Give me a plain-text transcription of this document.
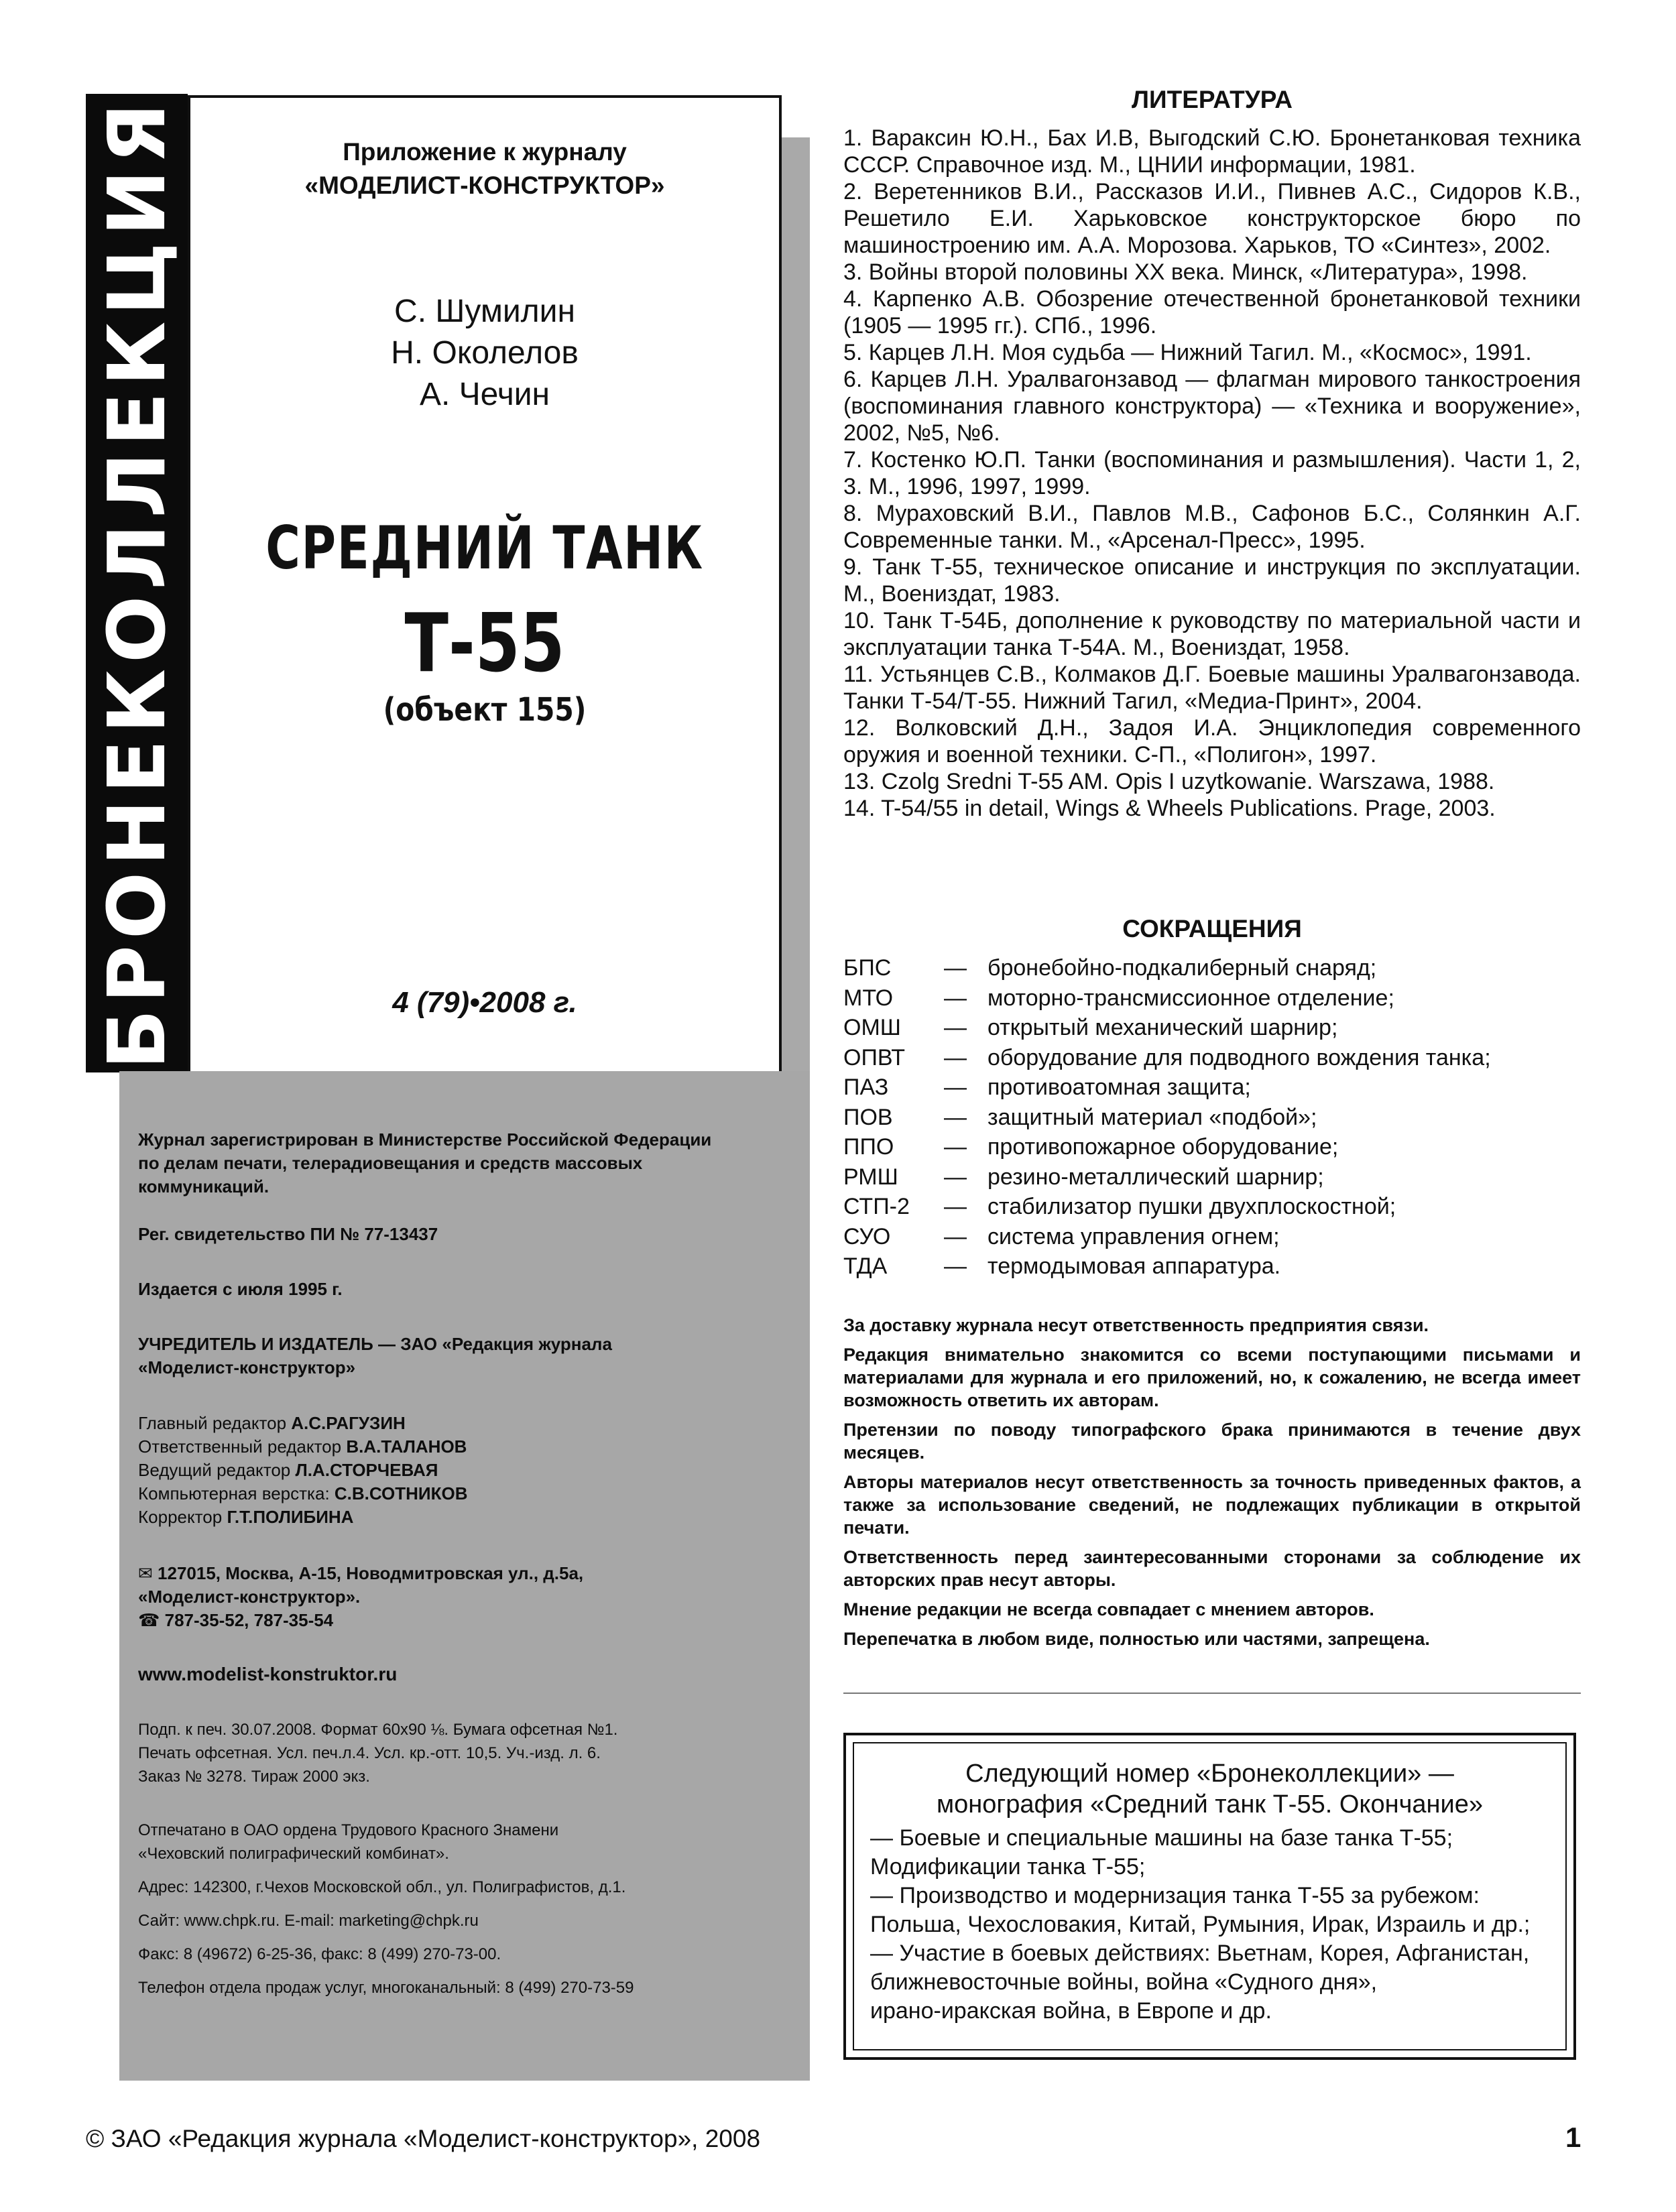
БРОНЕКОЛЛЕКЦИЯ	Приложение к журналу
«МОДЕЛИСТ-КОНСТРУКТОР»
С. Шумилин
Н. Околелов
А. Чечин
СРЕДНИЙ ТАНК
Т-55
(объект 155)
4 (79)•2008 г.
Журнал зарегистрирован в Министерстве Российской Федерации по делам печати, телерадиовещания и средств массовых коммуникаций.
Рег. свидетельство ПИ № 77-13437
Издается с июля 1995 г.
УЧРЕДИТЕЛЬ И ИЗДАТЕЛЬ — ЗАО «Редакция журнала
«Моделист-конструктор»
Главный редактор А.С.РАГУЗИН
Ответственный редактор В.А.ТАЛАНОВ
Ведущий редактор Л.А.СТОРЧЕВАЯ
Компьютерная верстка: С.В.СОТНИКОВ
Корректор Г.Т.ПОЛИБИНА
✉ 127015, Москва, А-15, Новодмитровская ул., д.5а,
«Моделист-конструктор».
☎ 787-35-52, 787-35-54
www.modelist-konstruktor.ru
Подп. к печ. 30.07.2008. Формат 60х90 ⅛. Бумага офсетная №1.
Печать офсетная. Усл. печ.л.4. Усл. кр.-отт. 10,5. Уч.-изд. л. 6.
Заказ № 3278. Тираж 2000 экз.
Отпечатано в ОАО ордена Трудового Красного Знамени
«Чеховский полиграфический комбинат».
Адрес: 142300, г.Чехов Московской обл., ул. Полиграфистов, д.1.
Сайт: www.chpk.ru. E-mail: marketing@chpk.ru
Факс: 8 (49672) 6-25-36, факс: 8 (499) 270-73-00.
Телефон отдела продаж услуг, многоканальный: 8 (499) 270-73-59
ЛИТЕРАТУРА
1. Вараксин Ю.Н., Бах И.В, Выгодский С.Ю. Бронетанковая техника СССР. Справочное изд. М., ЦНИИ информации, 1981.
2. Веретенников В.И., Рассказов И.И., Пивнев А.С., Сидоров К.В., Решетило Е.И. Харьковское конструкторское бюро по машиностроению им. А.А. Морозова. Харьков, ТО «Синтез», 2002.
3. Войны второй половины XX века. Минск, «Литература», 1998.
4. Карпенко А.В. Обозрение отечественной бронетанковой техники (1905 — 1995 гг.). СПб., 1996.
5. Карцев Л.Н. Моя судьба — Нижний Тагил. М., «Космос», 1991.
6. Карцев Л.Н. Уралвагонзавод — флагман мирового танкостроения (воспоминания главного конструктора) — «Техника и вооружение», 2002, №5, №6.
7. Костенко Ю.П. Танки (воспоминания и размышления). Части 1, 2, 3. М., 1996, 1997, 1999.
8. Мураховский В.И., Павлов М.В., Сафонов Б.С., Солянкин А.Г. Современные танки. М., «Арсенал-Пресс», 1995.
9. Танк Т-55, техническое описание и инструкция по эксплуатации. М., Воениздат, 1983.
10. Танк Т-54Б, дополнение к руководству по материальной части и эксплуатации танка Т-54А. М., Воениздат, 1958.
11. Устьянцев С.В., Колмаков Д.Г. Боевые машины Уралвагонзавода. Танки Т-54/Т-55. Нижний Тагил, «Медиа-Принт», 2004.
12. Волковский Д.Н., Задоя И.А. Энциклопедия современного оружия и военной техники. С-П., «Полигон», 1997.
13. Czolg Sredni T-55 AM. Opis I uzytkowanie. Warszawa, 1988.
14. T-54/55 in detail, Wings & Wheels Publications. Prage, 2003.
СОКРАЩЕНИЯ
БПС — бронебойно-подкалиберный снаряд;
МТО — моторно-трансмиссионное отделение;
ОМШ — открытый механический шарнир;
ОПВТ — оборудование для подводного вождения танка;
ПАЗ — противоатомная защита;
ПОВ — защитный материал «подбой»;
ППО — противопожарное оборудование;
РМШ — резино-металлический шарнир;
СТП-2 — стабилизатор пушки двухплоскостной;
СУО — система управления огнем;
ТДА — термодымовая аппаратура.
За доставку журнала несут ответственность предприятия связи.
Редакция внимательно знакомится со всеми поступающими письмами и материалами для журнала и его приложений, но, к сожалению, не всегда имеет возможность ответить их авторам.
Претензии по поводу типографского брака принимаются в течение двух месяцев.
Авторы материалов несут ответственность за точность приведенных фактов, а также за использование сведений, не подлежащих публикации в открытой печати.
Ответственность перед заинтересованными сторонами за соблюдение их авторских прав несут авторы.
Мнение редакции не всегда совпадает с мнением авторов.
Перепечатка в любом виде, полностью или частями, запрещена.
Следующий номер «Бронеколлекции» —
монография «Средний танк Т-55. Окончание»
— Боевые и специальные машины на базе танка Т-55;
Модификации танка Т-55;
— Производство и модернизация танка Т-55 за рубежом:
Польша, Чехословакия, Китай, Румыния, Ирак, Израиль и др.;
— Участие в боевых действиях: Вьетнам, Корея, Афганистан,
ближневосточные войны, война «Судного дня»,
ирано-иракская война, в Европе и др.
© ЗАО «Редакция журнала «Моделист-конструктор», 2008	1
